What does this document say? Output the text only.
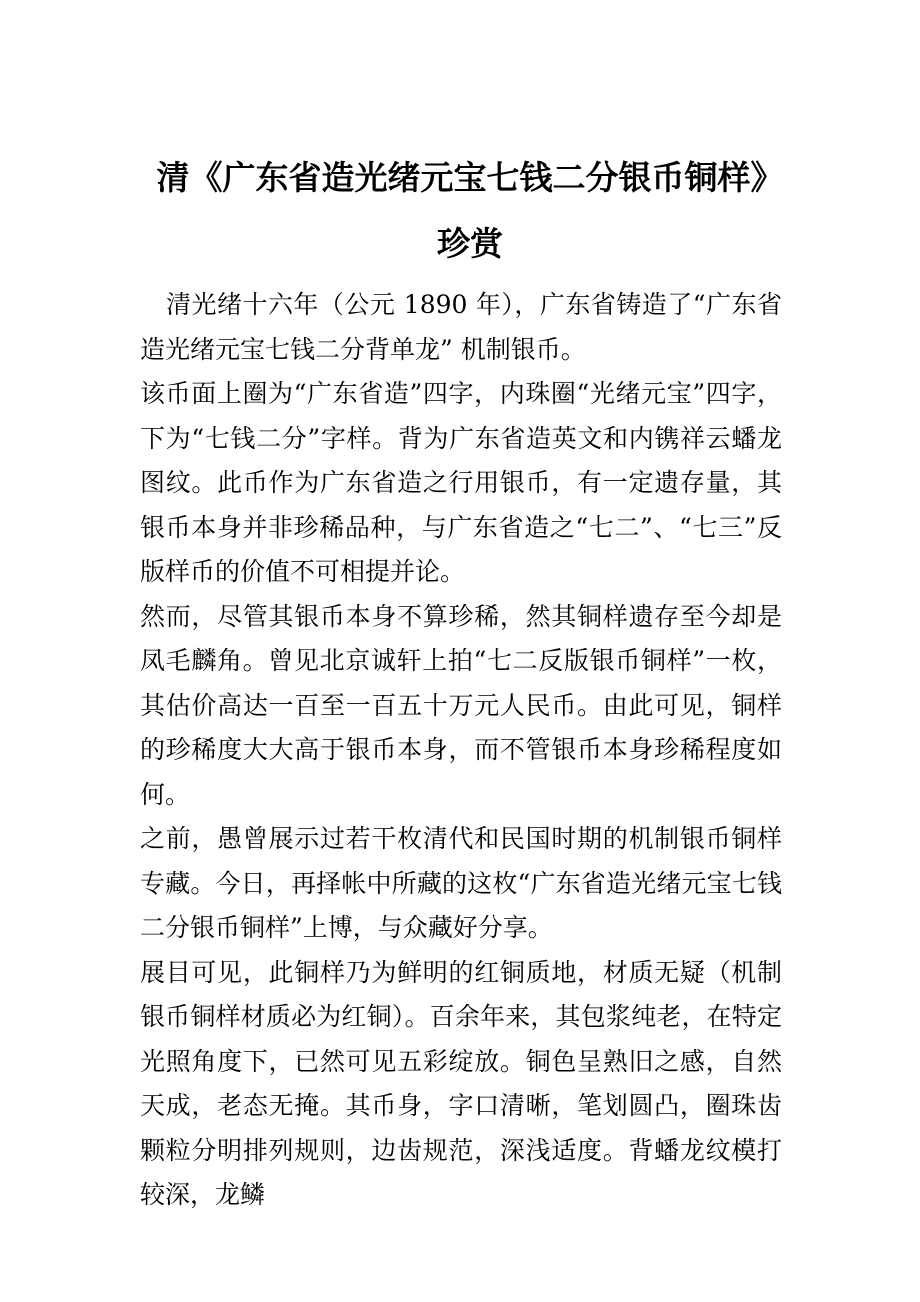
清《广东省造光绪元宝七钱二分银币铜样》
珍赏

清光绪十六年（公元 1890 年），广东省铸造了“广东省造光绪元宝七钱二分背单龙” 机制银币。

该币面上圈为“广东省造”四字，内珠圈“光绪元宝”四字，下为“七钱二分”字样。背为广东省造英文和内镌祥云蟠龙图纹。此币作为广东省造之行用银币，有一定遗存量，其银币本身并非珍稀品种，与广东省造之“七二”、“七三”反版样币的价值不可相提并论。

然而，尽管其银币本身不算珍稀，然其铜样遗存至今却是凤毛麟角。曾见北京诚轩上拍“七二反版银币铜样”一枚，其估价高达一百至一百五十万元人民币。由此可见，铜样的珍稀度大大高于银币本身，而不管银币本身珍稀程度如何。

之前，愚曾展示过若干枚清代和民国时期的机制银币铜样专藏。今日，再择帐中所藏的这枚“广东省造光绪元宝七钱二分银币铜样”上博，与众藏好分享。

展目可见，此铜样乃为鲜明的红铜质地，材质无疑（机制银币铜样材质必为红铜）。百余年来，其包浆纯老，在特定光照角度下，已然可见五彩绽放。铜色呈熟旧之感，自然天成，老态无掩。其币身，字口清晰，笔划圆凸，圈珠齿颗粒分明排列规则，边齿规范，深浅适度。背蟠龙纹模打较深，龙鳞
